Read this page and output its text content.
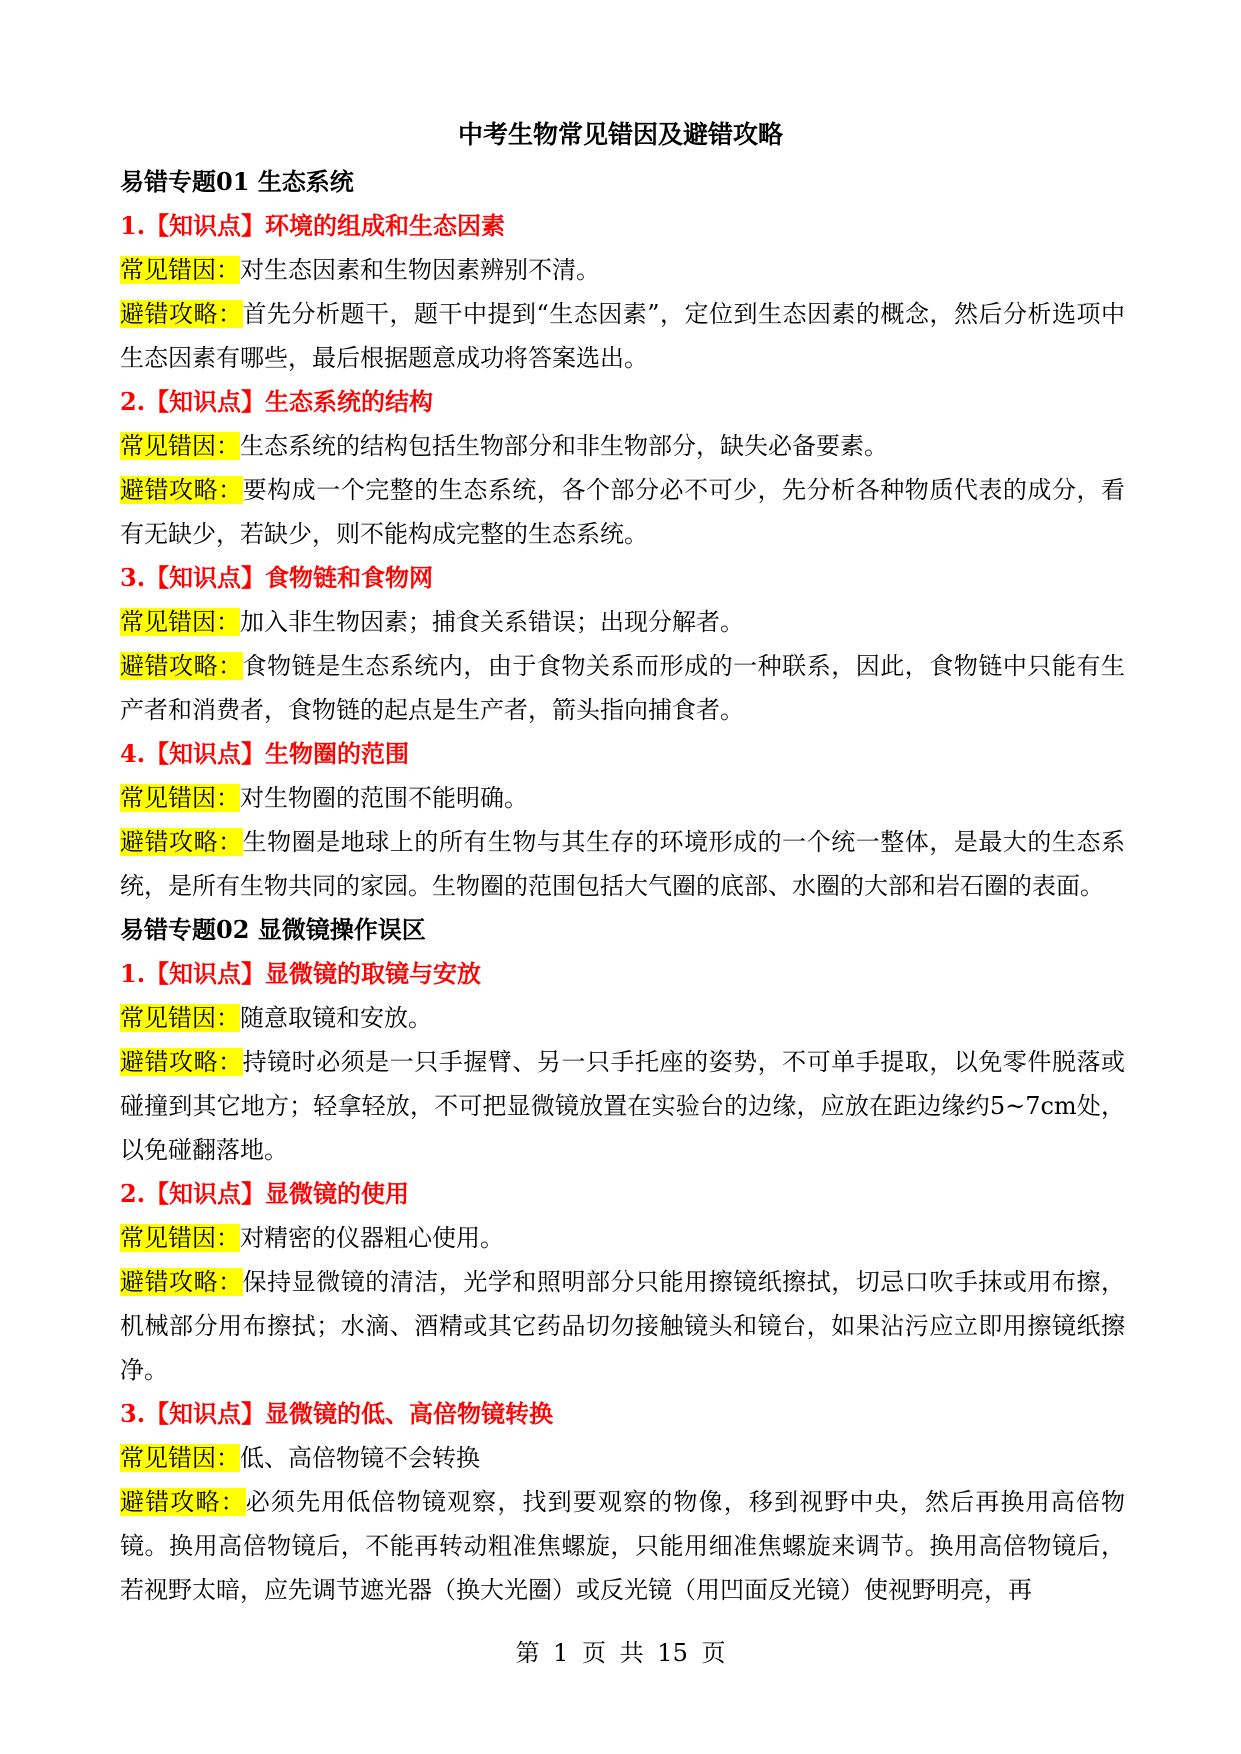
中考生物常见错因及避错攻略
易错专题01 生态系统
1.【知识点】环境的组成和生态因素
常见错因：对生态因素和生物因素辨别不清。
避错攻略：首先分析题干，题干中提到“生态因素”，定位到生态因素的概念，然后分析选项中生态因素有哪些，最后根据题意成功将答案选出。
2.【知识点】生态系统的结构
常见错因：生态系统的结构包括生物部分和非生物部分，缺失必备要素。
避错攻略：要构成一个完整的生态系统，各个部分必不可少，先分析各种物质代表的成分，看有无缺少，若缺少，则不能构成完整的生态系统。
3.【知识点】食物链和食物网
常见错因：加入非生物因素；捕食关系错误；出现分解者。
避错攻略：食物链是生态系统内，由于食物关系而形成的一种联系，因此，食物链中只能有生产者和消费者，食物链的起点是生产者，箭头指向捕食者。
4.【知识点】生物圈的范围
常见错因：对生物圈的范围不能明确。
避错攻略：生物圈是地球上的所有生物与其生存的环境形成的一个统一整体，是最大的生态系统，是所有生物共同的家园。生物圈的范围包括大气圈的底部、水圈的大部和岩石圈的表面。
易错专题02 显微镜操作误区
1.【知识点】显微镜的取镜与安放
常见错因：随意取镜和安放。
避错攻略：持镜时必须是一只手握臂、另一只手托座的姿势，不可单手提取，以免零件脱落或碰撞到其它地方；轻拿轻放，不可把显微镜放置在实验台的边缘，应放在距边缘约5~7cm处，以免碰翻落地。
2.【知识点】显微镜的使用
常见错因：对精密的仪器粗心使用。
避错攻略：保持显微镜的清洁，光学和照明部分只能用擦镜纸擦拭，切忌口吹手抹或用布擦，机械部分用布擦拭；水滴、酒精或其它药品切勿接触镜头和镜台，如果沾污应立即用擦镜纸擦净。
3.【知识点】显微镜的低、高倍物镜转换
常见错因：低、高倍物镜不会转换
避错攻略：必须先用低倍物镜观察，找到要观察的物像，移到视野中央，然后再换用高倍物镜。换用高倍物镜后，不能再转动粗准焦螺旋，只能用细准焦螺旋来调节。换用高倍物镜后，若视野太暗，应先调节遮光器（换大光圈）或反光镜（用凹面反光镜）使视野明亮，再
第 1 页 共 15 页
